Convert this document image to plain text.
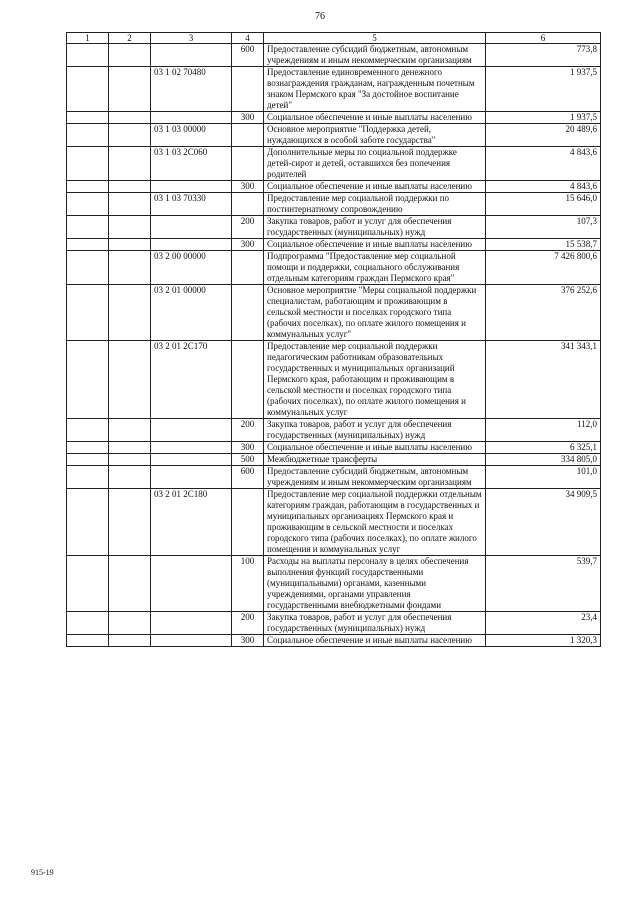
76
1	2	3	4	5	6
			600	Предоставление субсидий бюджетным, автономным учреждениям и иным некоммерческим организациям	773,8
		03 1 02 70480		Предоставление единовременного денежного вознаграждения гражданам, награжденным почетным знаком Пермского края "За достойное воспитание детей"	1 937,5
			300	Социальное обеспечение и иные выплаты населению	1 937,5
		03 1 03 00000		Основное мероприятие "Поддержка детей, нуждающихся в особой заботе государства"	20 489,6
		03 1 03 2C060		Дополнительные меры по социальной поддержке детей-сирот и детей, оставшихся без попечения родителей	4 843,6
			300	Социальное обеспечение и иные выплаты населению	4 843,6
		03 1 03 70330		Предоставление мер социальной поддержки по постинтернатному сопровождению	15 646,0
			200	Закупка товаров, работ и услуг для обеспечения государственных (муниципальных) нужд	107,3
			300	Социальное обеспечение и иные выплаты населению	15 538,7
		03 2 00 00000		Подпрограмма "Предоставление мер социальной помощи и поддержки, социального обслуживания отдельным категориям граждан Пермского края"	7 426 800,6
		03 2 01 00000		Основное мероприятие "Меры социальной поддержки специалистам, работающим и проживающим в сельской местности и поселках городского типа (рабочих поселках), по оплате жилого помещения и коммунальных услуг"	376 252,6
		03 2 01 2C170		Предоставление мер социальной поддержки педагогическим работникам образовательных государственных и муниципальных организаций Пермского края, работающим и проживающим в сельской местности и поселках городского типа (рабочих поселках), по оплате жилого помещения и коммунальных услуг	341 343,1
			200	Закупка товаров, работ и услуг для обеспечения государственных (муниципальных) нужд	112,0
			300	Социальное обеспечение и иные выплаты населению	6 325,1
			500	Межбюджетные трансферты	334 805,0
			600	Предоставление субсидий бюджетным, автономным учреждениям и иным некоммерческим организациям	101,0
		03 2 01 2C180		Предоставление мер социальной поддержки отдельным категориям граждан, работающим в государственных и муниципальных организациях Пермского края и проживающим в сельской местности и поселках городского типа (рабочих поселках), по оплате жилого помещения и коммунальных услуг	34 909,5
			100	Расходы на выплаты персоналу в целях обеспечения выполнения функций государственными (муниципальными) органами, казенными учреждениями, органами управления государственными внебюджетными фондами	539,7
			200	Закупка товаров, работ и услуг для обеспечения государственных (муниципальных) нужд	23,4
			300	Социальное обеспечение и иные выплаты населению	1 320,3
915-19
